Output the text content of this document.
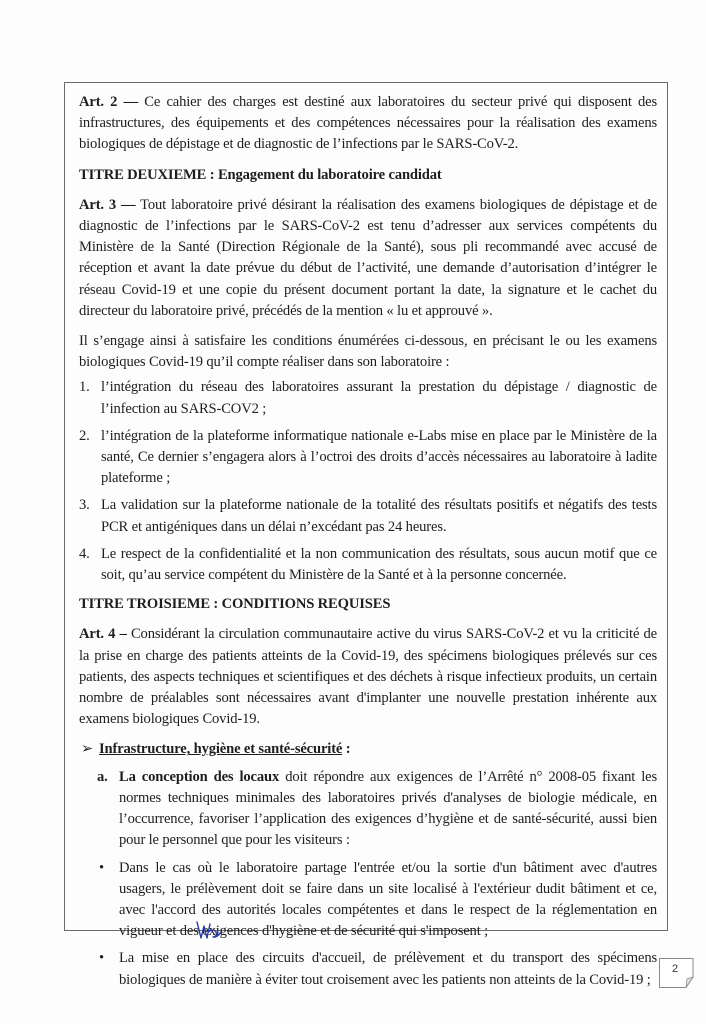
Art. 2 — Ce cahier des charges est destiné aux laboratoires du secteur privé qui disposent des infrastructures, des équipements et des compétences nécessaires pour la réalisation des examens biologiques de dépistage et de diagnostic de l’infections par le SARS-CoV-2.

TITRE DEUXIEME : Engagement du laboratoire candidat

Art. 3 — Tout laboratoire privé désirant la réalisation des examens biologiques de dépistage et de diagnostic de l’infections par le SARS-CoV-2 est tenu d’adresser aux services compétents du Ministère de la Santé (Direction Régionale de la Santé), sous pli recommandé avec accusé de réception et avant la date prévue du début de l’activité, une demande d’autorisation d’intégrer le réseau Covid-19 et une copie du présent document portant la date, la signature et le cachet du directeur du laboratoire privé, précédés de la mention « lu et approuvé ».

Il s’engage ainsi à satisfaire les conditions énumérées ci-dessous, en précisant le ou les examens biologiques Covid-19 qu’il compte réaliser dans son laboratoire :

1. l’intégration du réseau des laboratoires assurant la prestation du dépistage / diagnostic de l’infection au SARS-COV2 ;
2. l’intégration de la plateforme informatique nationale e-Labs mise en place par le Ministère de la santé, Ce dernier s’engagera alors à l’octroi des droits d’accès nécessaires au laboratoire à ladite plateforme ;
3. La validation sur la plateforme nationale de la totalité des résultats positifs et négatifs des tests PCR et antigéniques dans un délai n’excédant pas 24 heures.
4. Le respect de la confidentialité et la non communication des résultats, sous aucun motif que ce soit, qu’au service compétent du Ministère de la Santé et à la personne concernée.

TITRE TROISIEME : CONDITIONS REQUISES

Art. 4 – Considérant la circulation communautaire active du virus SARS-CoV-2 et vu la criticité de la prise en charge des patients atteints de la Covid-19, des spécimens biologiques prélevés sur ces patients, des aspects techniques et scientifiques et des déchets à risque infectieux produits, un certain nombre de préalables sont nécessaires avant d'implanter une nouvelle prestation inhérente aux examens biologiques Covid-19.

➢ Infrastructure, hygiène et santé-sécurité :

a. La conception des locaux doit répondre aux exigences de l’Arrêté n° 2008-05 fixant les normes techniques minimales des laboratoires privés d'analyses de biologie médicale, en l’occurrence, favoriser l’application des exigences d’hygiène et de santé-sécurité, aussi bien pour le personnel que pour les visiteurs :

• Dans le cas où le laboratoire partage l'entrée et/ou la sortie d'un bâtiment avec d'autres usagers, le prélèvement doit se faire dans un site localisé à l'extérieur dudit bâtiment et ce, avec l'accord des autorités locales compétentes et dans le respect de la réglementation en vigueur et des exigences d'hygiène et de sécurité qui s'imposent ;
• La mise en place des circuits d'accueil, de prélèvement et du transport des spécimens biologiques de manière à éviter tout croisement avec les patients non atteints de la Covid-19 ;
2
